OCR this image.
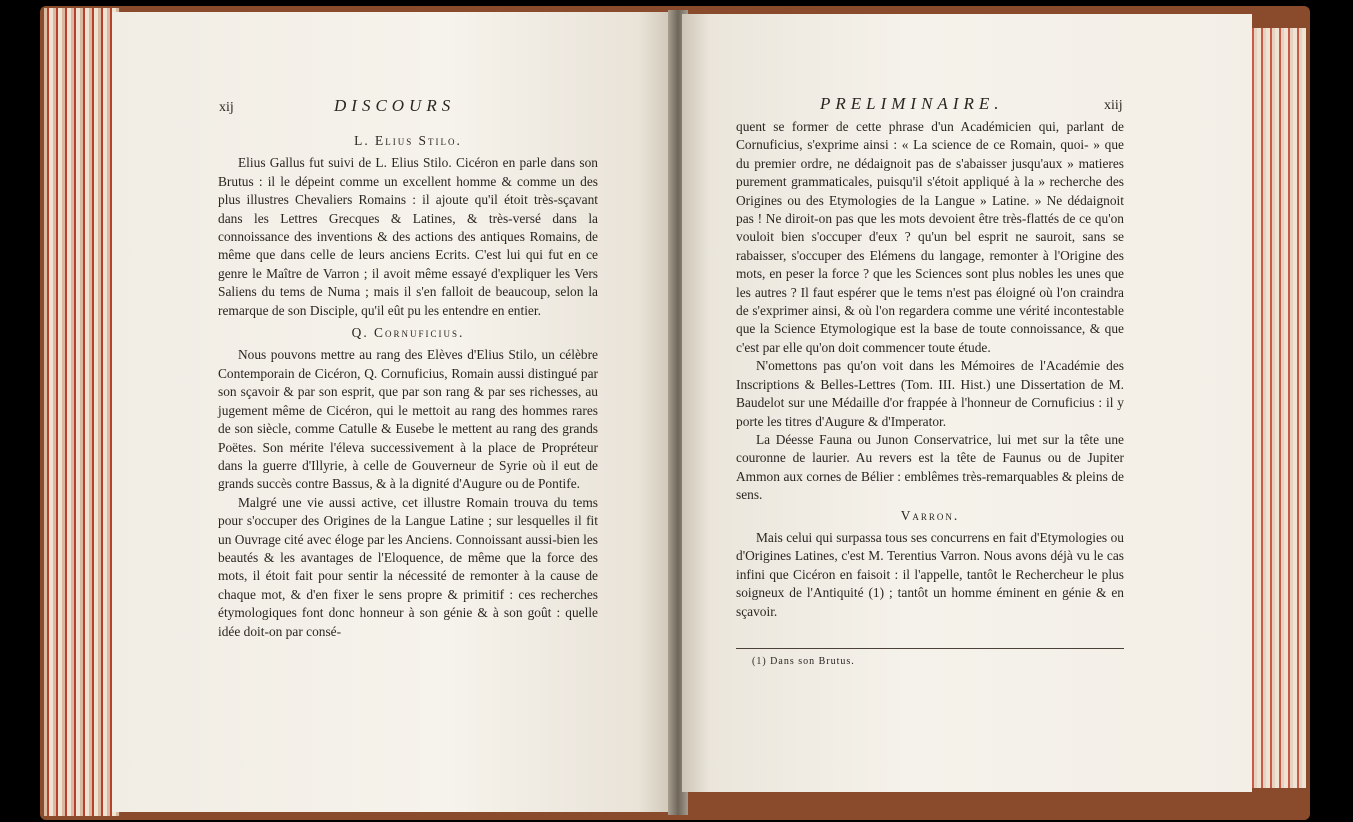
xij	DISCOURS
L. Elius Stilo.

Elius Gallus fut suivi de L. Elius Stilo. Cicéron en parle dans son Brutus : il le dépeint comme un excellent homme & comme un des plus illustres Chevaliers Romains : il ajoute qu'il étoit très-sçavant dans les Lettres Grecques & Latines, & très-versé dans la connoissance des inventions & des actions des antiques Romains, de même que dans celle de leurs anciens Ecrits. C'est lui qui fut en ce genre le Maître de Varron ; il avoit même essayé d'expliquer les Vers Saliens du tems de Numa ; mais il s'en falloit de beaucoup, selon la remarque de son Disciple, qu'il eût pu les entendre en entier.

Q. Cornuficius.

Nous pouvons mettre au rang des Elèves d'Elius Stilo, un célèbre Contemporain de Cicéron, Q. Cornuficius, Romain aussi distingué par son sçavoir & par son esprit, que par son rang & par ses richesses, au jugement même de Cicéron, qui le mettoit au rang des hommes rares de son siècle, comme Catulle & Eusebe le mettent au rang des grands Poëtes. Son mérite l'éleva successivement à la place de Propréteur dans la guerre d'Illyrie, à celle de Gouverneur de Syrie où il eut de grands succès contre Bassus, & à la dignité d'Augure ou de Pontife.

Malgré une vie aussi active, cet illustre Romain trouva du tems pour s'occuper des Origines de la Langue Latine ; sur lesquelles il fit un Ouvrage cité avec éloge par les Anciens. Connoissant aussi-bien les beautés & les avantages de l'Eloquence, de même que la force des mots, il étoit fait pour sentir la nécessité de remonter à la cause de chaque mot, & d'en fixer le sens propre & primitif : ces recherches étymologiques font donc honneur à son génie & à son goût : quelle idée doit-on par consé-

PRELIMINAIRE.	xiij

quent se former de cette phrase d'un Académicien qui, parlant de Cornuficius, s'exprime ainsi : « La science de ce Romain, quoi- » que du premier ordre, ne dédaignoit pas de s'abaisser jusqu'aux » matieres purement grammaticales, puisqu'il s'étoit appliqué à la » recherche des Origines ou des Etymologies de la Langue » Latine. » Ne dédaignoit pas ! Ne diroit-on pas que les mots devoient être très-flattés de ce qu'on vouloit bien s'occuper d'eux ? qu'un bel esprit ne sauroit, sans se rabaisser, s'occuper des Elémens du langage, remonter à l'Origine des mots, en peser la force ? que les Sciences sont plus nobles les unes que les autres ? Il faut espérer que le tems n'est pas éloigné où l'on craindra de s'exprimer ainsi, & où l'on regardera comme une vérité incontestable que la Science Etymologique est la base de toute connoissance, & que c'est par elle qu'on doit commencer toute étude.

N'omettons pas qu'on voit dans les Mémoires de l'Académie des Inscriptions & Belles-Lettres (Tom. III. Hist.) une Dissertation de M. Baudelot sur une Médaille d'or frappée à l'honneur de Cornuficius : il y porte les titres d'Augure & d'Imperator.

La Déesse Fauna ou Junon Conservatrice, lui met sur la tête une couronne de laurier. Au revers est la tête de Faunus ou de Jupiter Ammon aux cornes de Bélier : emblêmes très-remarquables & pleins de sens.

Varron.

Mais celui qui surpassa tous ses concurrens en fait d'Etymologies ou d'Origines Latines, c'est M. Terentius Varron. Nous avons déjà vu le cas infini que Cicéron en faisoit : il l'appelle, tantôt le Rechercheur le plus soigneux de l'Antiquité (1) ; tantôt un homme éminent en génie & en sçavoir.

(1) Dans son Brutus.
